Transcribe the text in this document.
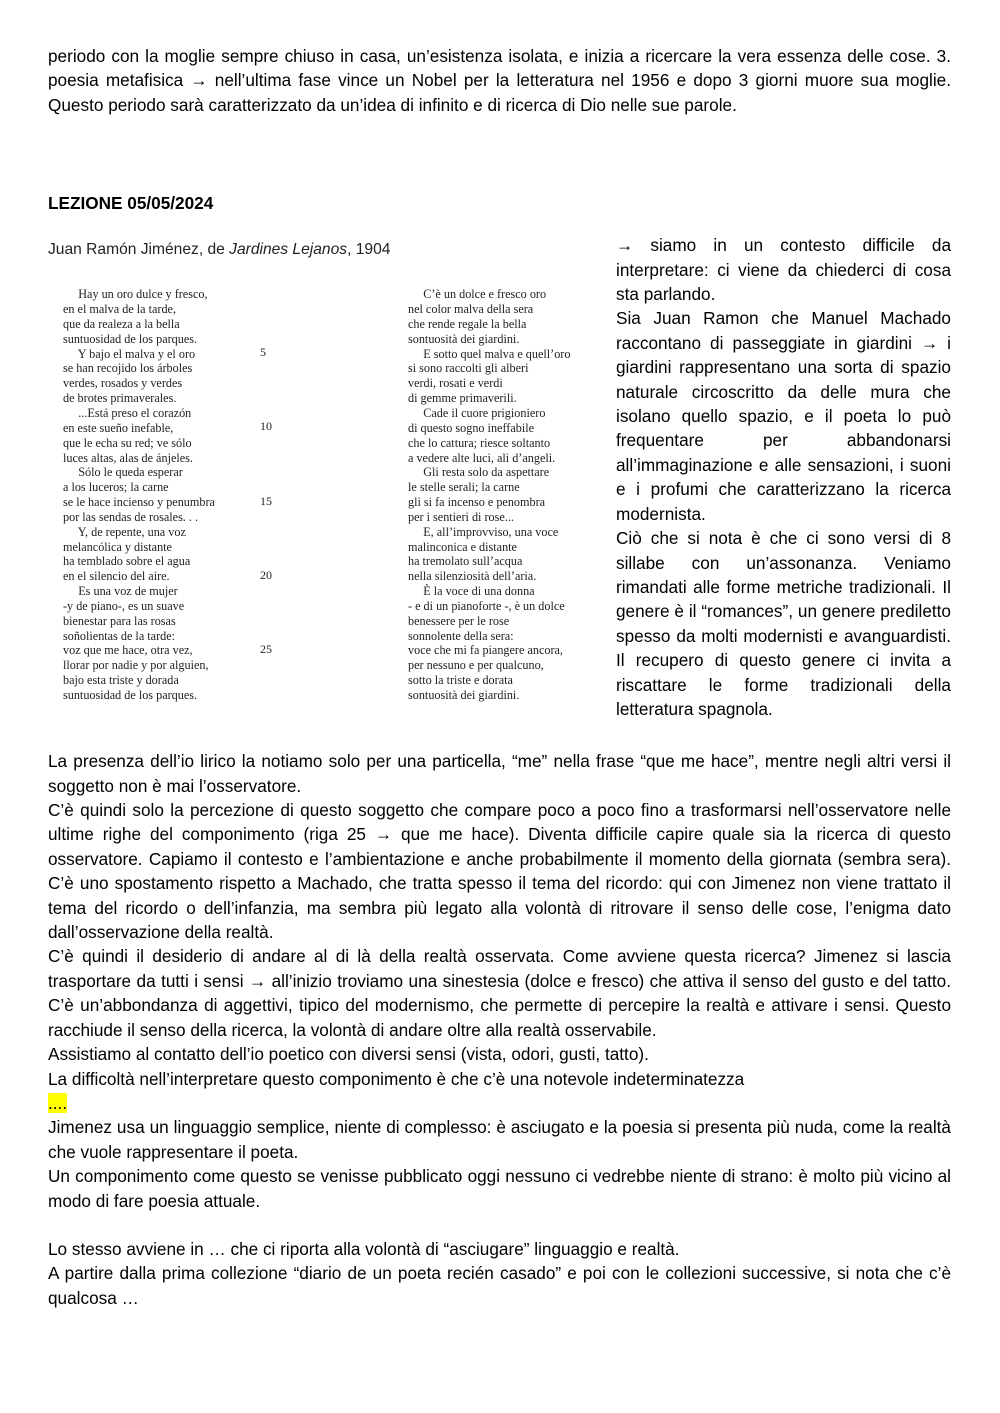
periodo con la moglie sempre chiuso in casa, un’esistenza isolata, e inizia a ricercare la vera essenza delle cose. 3. poesia metafisica → nell’ultima fase vince un Nobel per la letteratura nel 1956 e dopo 3 giorni muore sua moglie. Questo periodo sarà caratterizzato da un’idea di infinito e di ricerca di Dio nelle sue parole.

LEZIONE 05/05/2024

Juan Ramón Jiménez, de Jardines Lejanos, 1904
Hay un oro dulce y fresco,
en el malva de la tarde,
que da realeza a la bella
suntuosidad de los parques.
Y bajo el malva y el oro
se han recojido los árboles
verdes, rosados y verdes
de brotes primaverales.
...Está preso el corazón
en este sueño inefable,
que le echa su red; ve sólo
luces altas, alas de ánjeles.
Sólo le queda esperar
a los luceros; la carne
se le hace incienso y penumbra
por las sendas de rosales. . .
Y, de repente, una voz
melancólica y distante
ha temblado sobre el agua
en el silencio del aire.
Es una voz de mujer
-y de piano-, es un suave
bienestar para las rosas
soñolientas de la tarde:
voz que me hace, otra vez,
llorar por nadie y por alguien,
bajo esta triste y dorada
suntuosidad de los parques.
5
10
15
20
25
C’è un dolce e fresco oro
nel color malva della sera
che rende regale la bella
sontuosità dei giardini.
E sotto quel malva e quell’oro
si sono raccolti gli alberi
verdi, rosati e verdi
di gemme primaverili.
Cade il cuore prigioniero
di questo sogno ineffabile
che lo cattura; riesce soltanto
a vedere alte luci, ali d’angeli.
Gli resta solo da aspettare
le stelle serali; la carne
gli si fa incenso e penombra
per i sentieri di rose...
E, all’improvviso, una voce
malinconica e distante
ha tremolato sull’acqua
nella silenziosità dell’aria.
È la voce di una donna
- e di un pianoforte -, è un dolce
benessere per le rose
sonnolente della sera:
voce che mi fa piangere ancora,
per nessuno e per qualcuno,
sotto la triste e dorata
sontuosità dei giardini.

→ siamo in un contesto difficile da interpretare: ci viene da chiederci di cosa sta parlando.

Sia Juan Ramon che Manuel Machado raccontano di passeggiate in giardini → i giardini rappresentano una sorta di spazio naturale circoscritto da delle mura che isolano quello spazio, e il poeta lo può frequentare per abbandonarsi all’immaginazione e alle sensazioni, i suoni e i profumi che caratterizzano la ricerca modernista.

Ciò che si nota è che ci sono versi di 8 sillabe con un’assonanza. Veniamo rimandati alle forme metriche tradizionali. Il genere è il “romances”, un genere prediletto spesso da molti modernisti e avanguardisti. Il recupero di questo genere ci invita a riscattare le forme tradizionali della letteratura spagnola.

La presenza dell’io lirico la notiamo solo per una particella, “me” nella frase “que me hace”, mentre negli altri versi il soggetto non è mai l’osservatore.

C’è quindi solo la percezione di questo soggetto che compare poco a poco fino a trasformarsi nell’osservatore nelle ultime righe del componimento (riga 25 → que me hace). Diventa difficile capire quale sia la ricerca di questo osservatore. Capiamo il contesto e l’ambientazione e anche probabilmente il momento della giornata (sembra sera). C’è uno spostamento rispetto a Machado, che tratta spesso il tema del ricordo: qui con Jimenez non viene trattato il tema del ricordo o dell’infanzia, ma sembra più legato alla volontà di ritrovare il senso delle cose, l’enigma dato dall’osservazione della realtà.

C’è quindi il desiderio di andare al di là della realtà osservata. Come avviene questa ricerca? Jimenez si lascia trasportare da tutti i sensi → all’inizio troviamo una sinestesia (dolce e fresco) che attiva il senso del gusto e del tatto. C’è un’abbondanza di aggettivi, tipico del modernismo, che permette di percepire la realtà e attivare i sensi. Questo racchiude il senso della ricerca, la volontà di andare oltre alla realtà osservabile.

Assistiamo al contatto dell’io poetico con diversi sensi (vista, odori, gusti, tatto).

La difficoltà nell’interpretare questo componimento è che c’è una notevole indeterminatezza

....

Jimenez usa un linguaggio semplice, niente di complesso: è asciugato e la poesia si presenta più nuda, come la realtà che vuole rappresentare il poeta.

Un componimento come questo se venisse pubblicato oggi nessuno ci vedrebbe niente di strano: è molto più vicino al modo di fare poesia attuale.

Lo stesso avviene in … che ci riporta alla volontà di “asciugare” linguaggio e realtà.

A partire dalla prima collezione “diario de un poeta recién casado” e poi con le collezioni successive, si nota che c’è qualcosa …
